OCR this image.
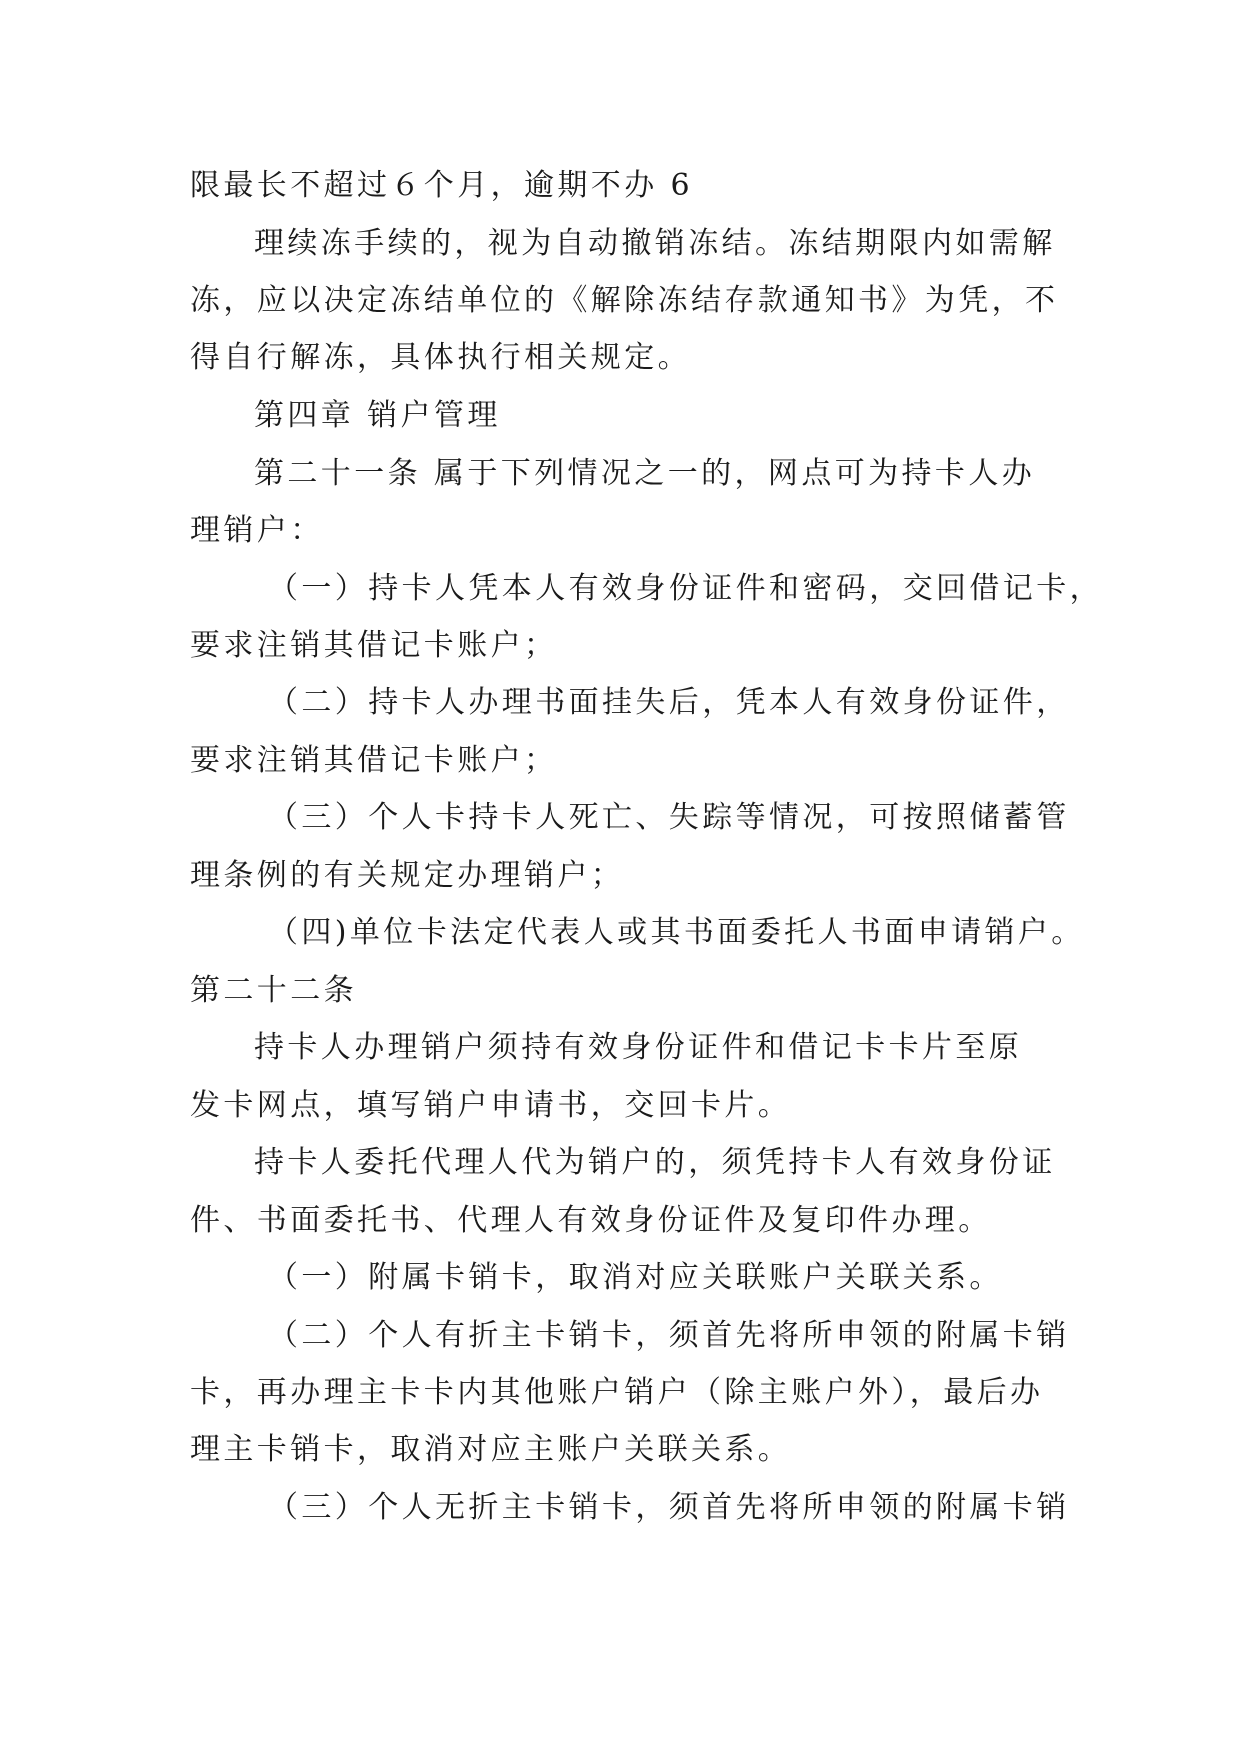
限最长不超过６个月，逾期不办 6
理续冻手续的，视为自动撤销冻结。冻结期限内如需解
冻，应以决定冻结单位的《解除冻结存款通知书》为凭，不
得自行解冻，具体执行相关规定。
第四章 销户管理
第二十一条 属于下列情况之一的，网点可为持卡人办
理销户：
（一）持卡人凭本人有效身份证件和密码，交回借记卡，
要求注销其借记卡账户；
（二）持卡人办理书面挂失后，凭本人有效身份证件，
要求注销其借记卡账户；
（三）个人卡持卡人死亡、失踪等情况，可按照储蓄管
理条例的有关规定办理销户；
（四)单位卡法定代表人或其书面委托人书面申请销户。
第二十二条
持卡人办理销户须持有效身份证件和借记卡卡片至原
发卡网点，填写销户申请书，交回卡片。
持卡人委托代理人代为销户的，须凭持卡人有效身份证
件、书面委托书、代理人有效身份证件及复印件办理。
（一）附属卡销卡，取消对应关联账户关联关系。
（二）个人有折主卡销卡，须首先将所申领的附属卡销
卡，再办理主卡卡内其他账户销户（除主账户外），最后办
理主卡销卡，取消对应主账户关联关系。
（三）个人无折主卡销卡，须首先将所申领的附属卡销
